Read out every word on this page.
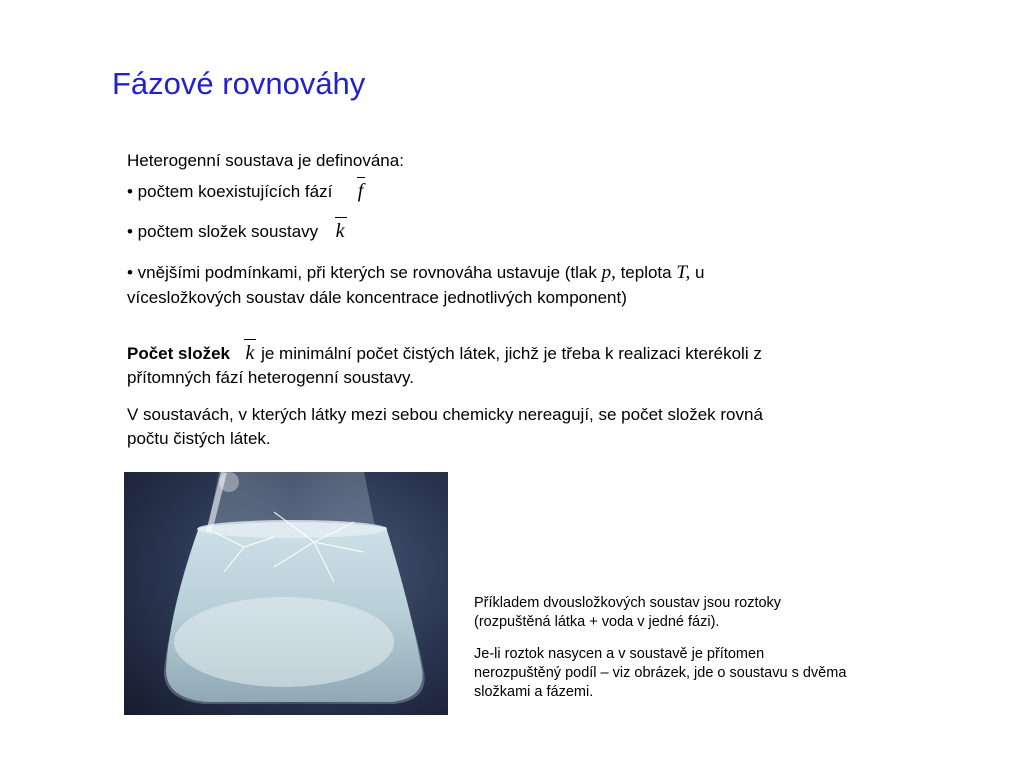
Fázové rovnováhy
Heterogenní soustava je definována:
• počtem koexistujících fází f
• počtem složek soustavy k
• vnějšími podmínkami, při kterých se rovnováha ustavuje (tlak p, teplota T, u
vícesložkových soustav dále koncentrace jednotlivých komponent)
Počet složek k je minimální počet čistých látek, jichž je třeba k realizaci kterékoli z
přítomných fází heterogenní soustavy.
V soustavách, v kterých látky mezi sebou chemicky nereagují, se počet složek rovná
počtu čistých látek.
Příkladem dvousložkových soustav jsou roztoky
(rozpuštěná látka + voda v jedné fázi).
Je-li roztok nasycen a v soustavě je přítomen
nerozpuštěný podíl – viz obrázek, jde o soustavu s dvěma
složkami a fázemi.
